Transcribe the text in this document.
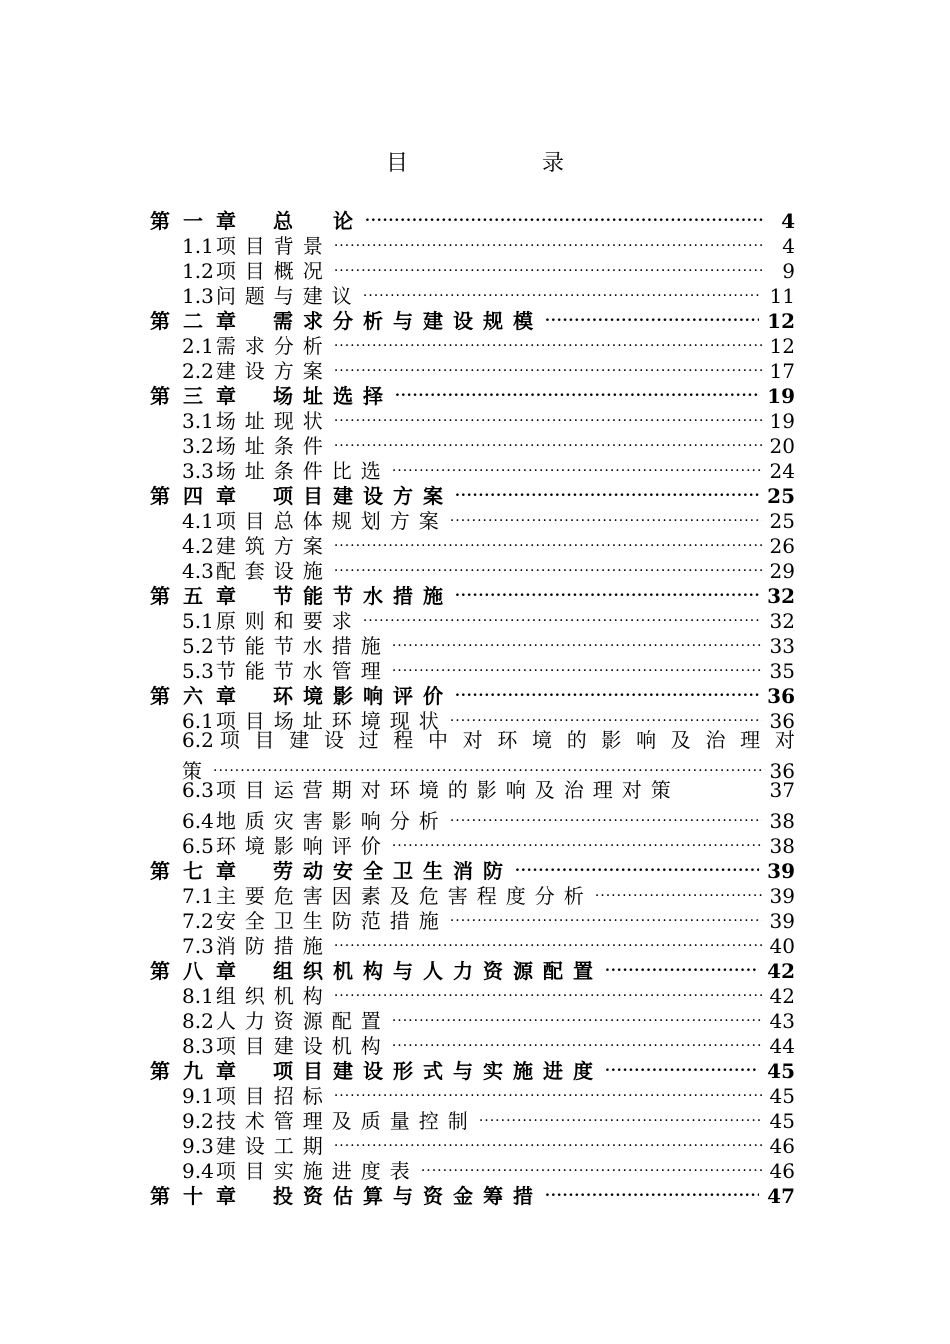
目　录
第一章 总　论 .....	4
1.1 项目背景 .....	4
1.2 项目概况 .....	9
1.3 问题与建议 .....	11
第二章 需求分析与建设规模 .....	12
2.1 需求分析 .....	12
2.2 建设方案 .....	17
第三章 场址选择 .....	19
3.1 场址现状 .....	19
3.2 场址条件 .....	20
3.3 场址条件比选 .....	24
第四章 项目建设方案 .....	25
4.1 项目总体规划方案 .....	25
4.2 建筑方案 .....	26
4.3 配套设施 .....	29
第五章 节能节水措施 .....	32
5.1 原则和要求 .....	32
5.2 节能节水措施 .....	33
5.3 节能节水管理 .....	35
第六章 环境影响评价 .....	36
6.1 项目场址环境现状 .....	36
6.2 项 目 建 设 过 程 中 对 环 境 的 影 响 及 治 理 对
策 .....	36
6.3 项目运营期对环境的影响及治理对策	37
6.4 地质灾害影响分析 .....	38
6.5 环境影响评价 .....	38
第七章 劳动安全卫生消防 .....	39
7.1 主要危害因素及危害程度分析 .....	39
7.2 安全卫生防范措施 .....	39
7.3 消防措施 .....	40
第八章 组织机构与人力资源配置 .....	42
8.1 组织机构 .....	42
8.2 人力资源配置 .....	43
8.3 项目建设机构 .....	44
第九章 项目建设形式与实施进度 .....	45
9.1 项目招标 .....	45
9.2 技术管理及质量控制 .....	45
9.3 建设工期 .....	46
9.4 项目实施进度表 .....	46
第十章 投资估算与资金筹措 .....	47
